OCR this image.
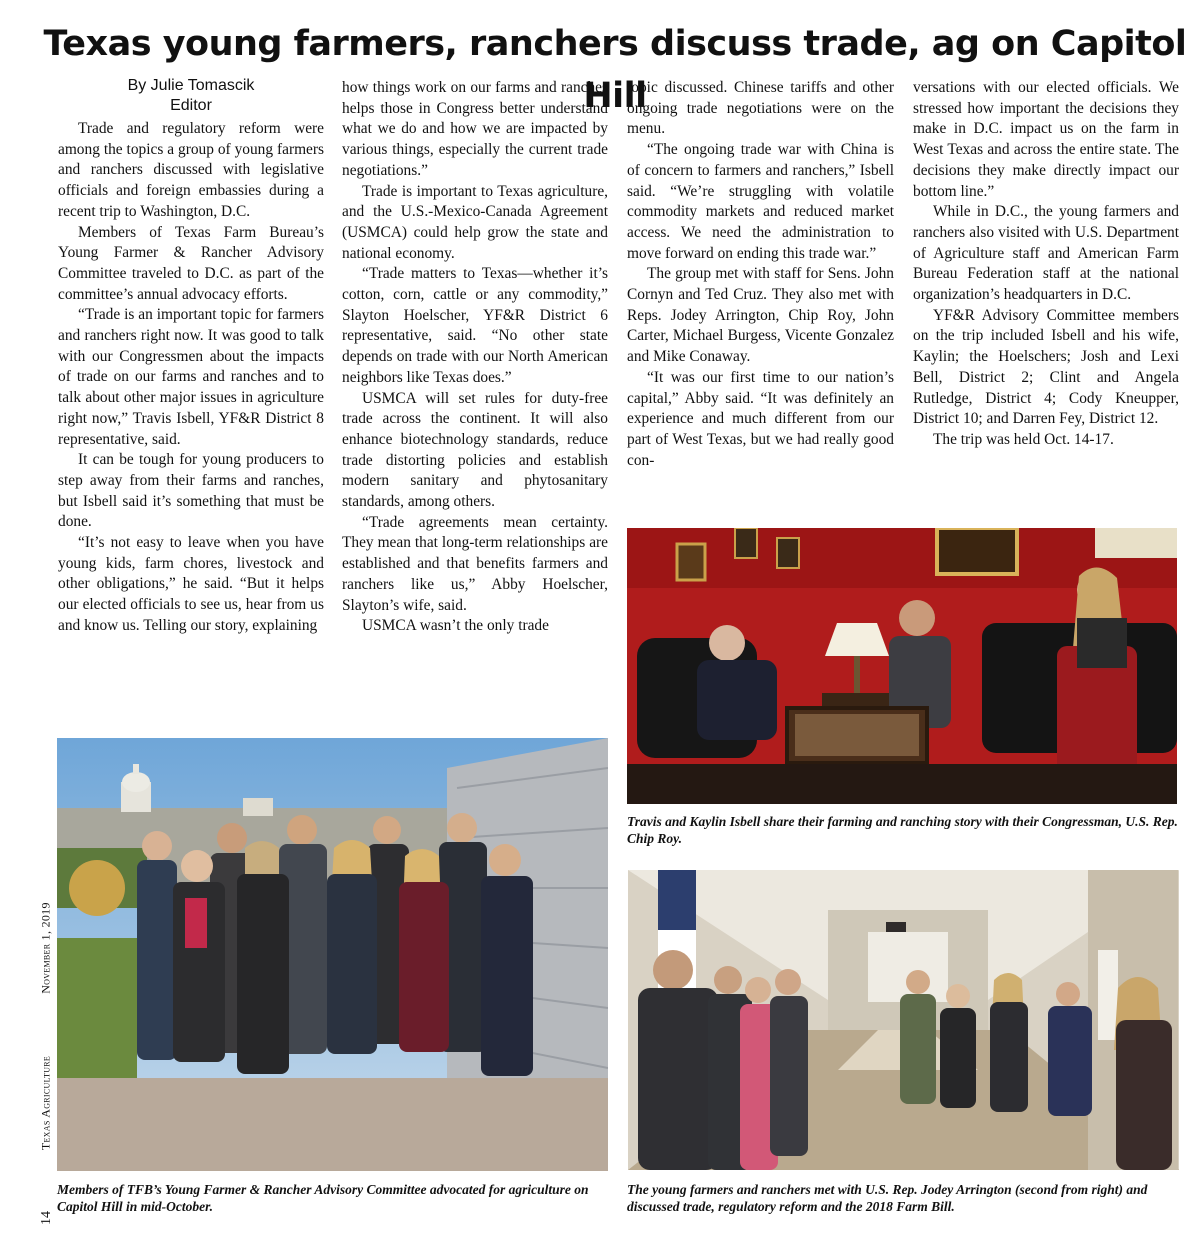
Texas young farmers, ranchers discuss trade, ag on Capitol Hill
By Julie Tomascik
Editor

Trade and regulatory reform were among the topics a group of young farmers and ranchers discussed with legislative officials and foreign embassies during a recent trip to Washington, D.C.

Members of Texas Farm Bureau’s Young Farmer & Rancher Advisory Committee traveled to D.C. as part of the committee’s annual advocacy efforts.

“Trade is an important topic for farmers and ranchers right now. It was good to talk with our Congressmen about the impacts of trade on our farms and ranches and to talk about other major issues in agriculture right now,” Travis Isbell, YF&R District 8 representative, said.

It can be tough for young producers to step away from their farms and ranches, but Isbell said it’s something that must be done.

“It’s not easy to leave when you have young kids, farm chores, livestock and other obligations,” he said. “But it helps our elected officials to see us, hear from us and know us. Telling our story, explaining

how things work on our farms and ranches helps those in Congress better understand what we do and how we are impacted by various things, especially the current trade negotiations.”

Trade is important to Texas agriculture, and the U.S.-Mexico-Canada Agreement (USMCA) could help grow the state and national economy.

“Trade matters to Texas—whether it’s cotton, corn, cattle or any commodity,” Slayton Hoelscher, YF&R District 6 representative, said. “No other state depends on trade with our North American neighbors like Texas does.”

USMCA will set rules for duty-free trade across the continent. It will also enhance biotechnology standards, reduce trade distorting policies and establish modern sanitary and phytosanitary standards, among others.

“Trade agreements mean certainty. They mean that long-term relationships are established and that benefits farmers and ranchers like us,” Abby Hoelscher, Slayton’s wife, said.

USMCA wasn’t the only trade

topic discussed. Chinese tariffs and other ongoing trade negotiations were on the menu.

“The ongoing trade war with China is of concern to farmers and ranchers,” Isbell said. “We’re struggling with volatile commodity markets and reduced market access. We need the administration to move forward on ending this trade war.”

The group met with staff for Sens. John Cornyn and Ted Cruz. They also met with Reps. Jodey Arrington, Chip Roy, John Carter, Michael Burgess, Vicente Gonzalez and Mike Conaway.

“It was our first time to our nation’s capital,” Abby said. “It was definitely an experience and much different from our part of West Texas, but we had really good con-

versations with our elected officials. We stressed how important the decisions they make in D.C. impact us on the farm in West Texas and across the entire state. The decisions they make directly impact our bottom line.”

While in D.C., the young farmers and ranchers also visited with U.S. Department of Agriculture staff and American Farm Bureau Federation staff at the national organization’s headquarters in D.C.

YF&R Advisory Committee members on the trip included Isbell and his wife, Kaylin; the Hoelschers; Josh and Lexi Bell, District 2; Clint and Angela Rutledge, District 4; Cody Kneupper, District 10; and Darren Fey, District 12.

The trip was held Oct. 14-17.

Travis and Kaylin Isbell share their farming and ranching story with their Congressman, U.S. Rep. Chip Roy.
Members of TFB’s Young Farmer & Rancher Advisory Committee advocated for agriculture on Capitol Hill in mid-October.
The young farmers and ranchers met with U.S. Rep. Jodey Arrington (second from right) and discussed trade, regulatory reform and the 2018 Farm Bill.
November 1, 2019
Texas Agriculture
14
